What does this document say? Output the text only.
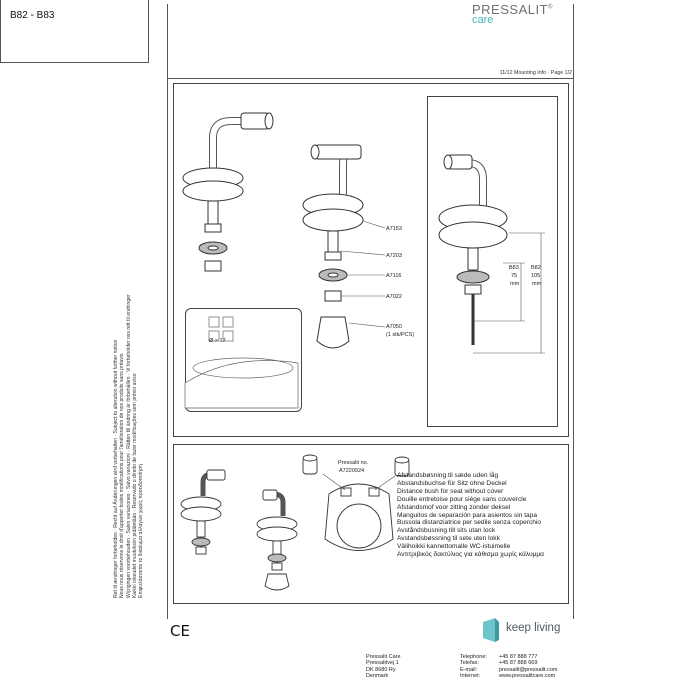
B82 - B83	PRESSALIT®
care
11/12 Mounting Info · Page 1/2
Ret til ændringer forbeholdes · Recht auf Änderungen wird vorbehalten · Subject to alteration without further notice Nous nous réservons le droit d'apporter toutes modifications pour l'amélioration de nos produits sans préavis Wijzigingen voorbehouden · Salvo variaciones · Salvo variazioni · Rätten till ändring är förbehållen · Vi forbeholder oss rett til endringer Kaikki oikeudet muutoksiin pidätetään · Reservado o direito de fazer modificações sem prévio aviso Επιφυλάσσεται το δικαίωμα αλλαγών χωρίς προειδοποίηση
A7153
A7203
A7116
A7022
A7050
(1 stk/PCS)
Ø > 17
B83
75
mm
B82
105
mm
Pressalit no.
A7220924
Afstandsbøsning til sæde uden låg
Abstandsbuchse für Sitz ohne Deckel
Distance bush for seat without cover
Douille entretoise pour siège sans couvercle
Afstandsmof voor zitting zonder deksel
Manguitos de separación para asientos sin tapa
Bussola distanziatrice per sedile senza coperchio
Avståndsbusning till sits utan lock
Avstandsbøssning til sete uten lokk
Välihoikki kannettomalle WC-istuimelle
Αντιτριβικός δακτύλιος για κάθισμα χωρίς κάλυμμα
CE	keep living
Pressalit Care
Pressalitvej 1
DK 8680 Ry
Denmark
Telephone:
Telefax:
E-mail:
Internet:
+45 87 888 777
+45 87 888 669
pressalit@pressalit.com
www.pressalitcare.com
